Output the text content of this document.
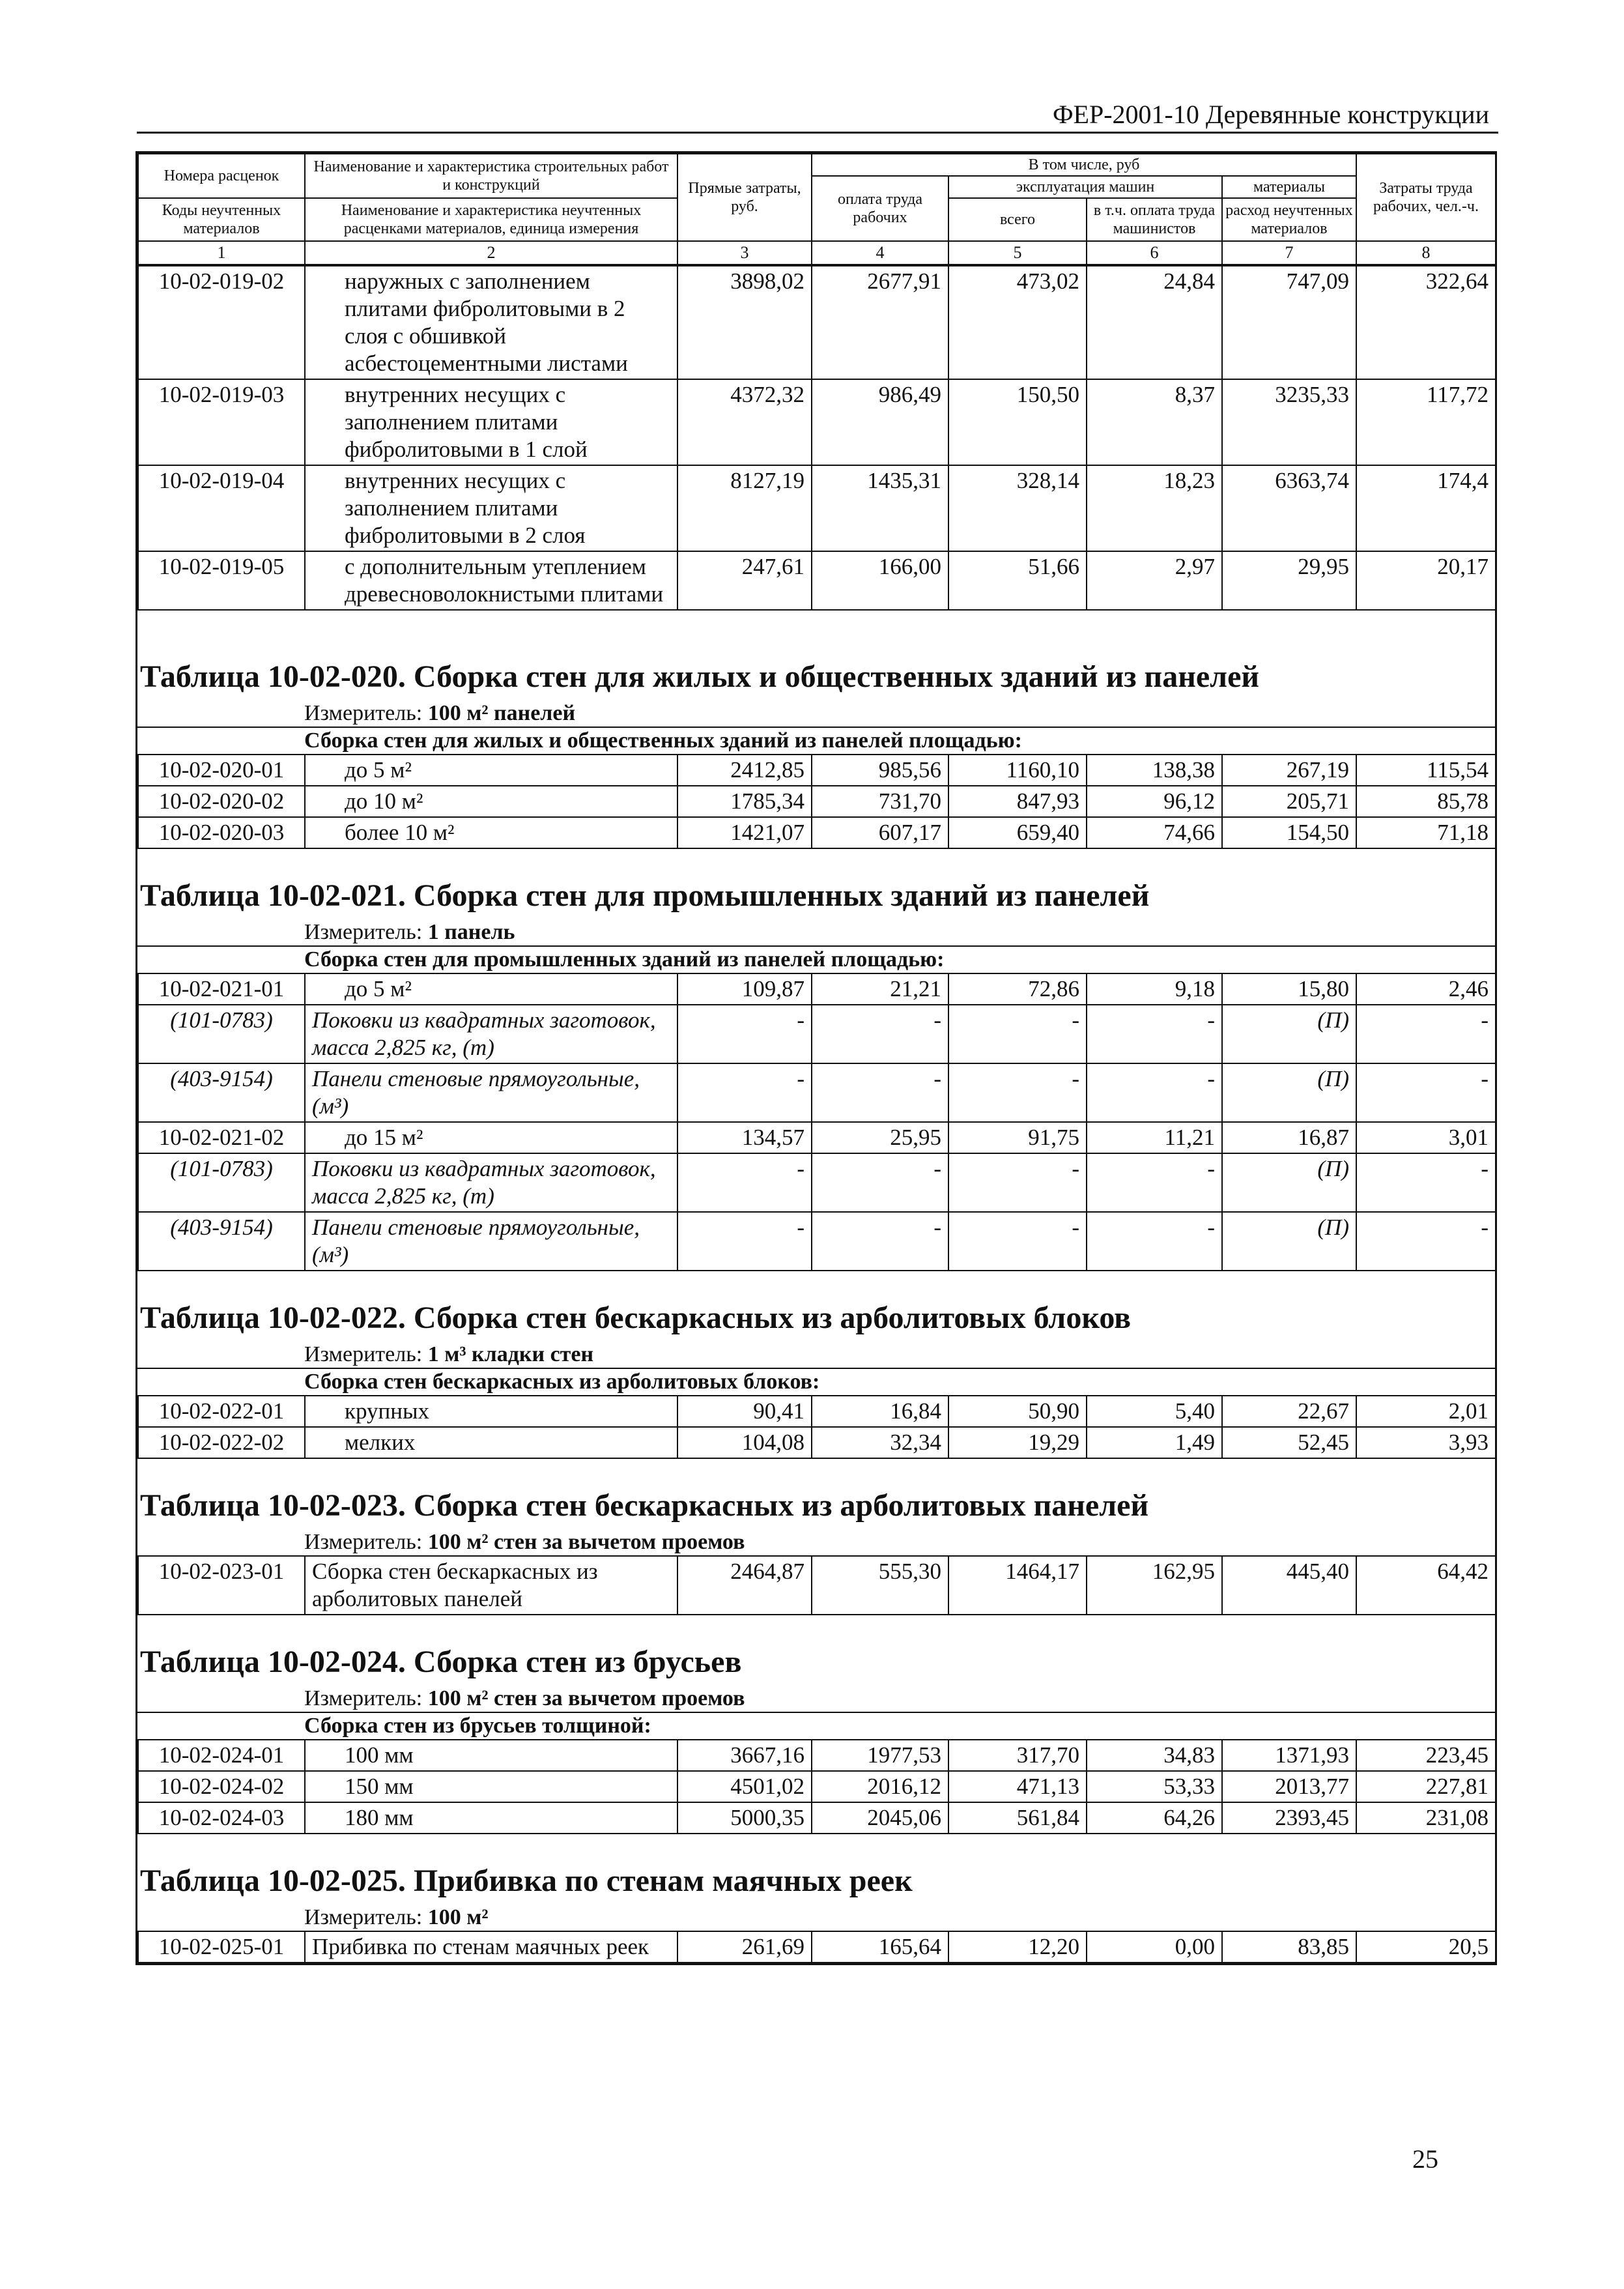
ФЕР-2001-10 Деревянные конструкции
Номера расценок	Наименование и характеристика строительных работ и конструкций	Прямые затраты, руб.	В том числе, руб				Затраты труда рабочих, чел.-ч.
			оплата труда рабочих	эксплуатация машин		материалы	
Коды неучтенных материалов	Наименование и характеристика неучтенных расценками материалов, единица измерения			всего	в т.ч. оплата труда машинистов	расход неучтенных материалов	

1	2	3	4	5	6	7	8
10-02-019-02	наружных с заполнением плитами фибролитовыми в 2 слоя с обшивкой асбестоцементными листами	3898,02	2677,91	473,02	24,84	747,09	322,64
10-02-019-03	внутренних несущих с заполнением плитами фибролитовыми в 1 слой	4372,32	986,49	150,50	8,37	3235,33	117,72
10-02-019-04	внутренних несущих с заполнением плитами фибролитовыми в 2 слоя	8127,19	1435,31	328,14	18,23	6363,74	174,4
10-02-019-05	с дополнительным утеплением древесноволокнистыми плитами	247,61	166,00	51,66	2,97	29,95	20,17
Таблица 10-02-020. Сборка стен для жилых и общественных зданий из панелей
Измеритель: 100 м² панелей
Сборка стен для жилых и общественных зданий из панелей площадью:
10-02-020-01	до 5 м²	2412,85	985,56	1160,10	138,38	267,19	115,54
10-02-020-02	до 10 м²	1785,34	731,70	847,93	96,12	205,71	85,78
10-02-020-03	более 10 м²	1421,07	607,17	659,40	74,66	154,50	71,18
Таблица 10-02-021. Сборка стен для промышленных зданий из панелей
Измеритель: 1 панель
Сборка стен для промышленных зданий из панелей площадью:
10-02-021-01	до 5 м²	109,87	21,21	72,86	9,18	15,80	2,46
(101-0783)	Поковки из квадратных заготовок, масса 2,825 кг, (т)	-	-	-	-	(П)	-
(403-9154)	Панели стеновые прямоугольные, (м³)	-	-	-	-	(П)	-
10-02-021-02	до 15 м²	134,57	25,95	91,75	11,21	16,87	3,01
(101-0783)	Поковки из квадратных заготовок, масса 2,825 кг, (т)	-	-	-	-	(П)	-
(403-9154)	Панели стеновые прямоугольные, (м³)	-	-	-	-	(П)	-
Таблица 10-02-022. Сборка стен бескаркасных из арболитовых блоков
Измеритель: 1 м³ кладки стен
Сборка стен бескаркасных из арболитовых блоков:
10-02-022-01	крупных	90,41	16,84	50,90	5,40	22,67	2,01
10-02-022-02	мелких	104,08	32,34	19,29	1,49	52,45	3,93
Таблица 10-02-023. Сборка стен бескаркасных из арболитовых панелей
Измеритель: 100 м² стен за вычетом проемов
10-02-023-01	Сборка стен бескаркасных из арболитовых панелей	2464,87	555,30	1464,17	162,95	445,40	64,42
Таблица 10-02-024. Сборка стен из брусьев
Измеритель: 100 м² стен за вычетом проемов
Сборка стен из брусьев толщиной:
10-02-024-01	100 мм	3667,16	1977,53	317,70	34,83	1371,93	223,45
10-02-024-02	150 мм	4501,02	2016,12	471,13	53,33	2013,77	227,81
10-02-024-03	180 мм	5000,35	2045,06	561,84	64,26	2393,45	231,08
Таблица 10-02-025. Прибивка по стенам маячных реек
Измеритель: 100 м²
10-02-025-01	Прибивка по стенам маячных реек	261,69	165,64	12,20	0,00	83,85	20,5
25
